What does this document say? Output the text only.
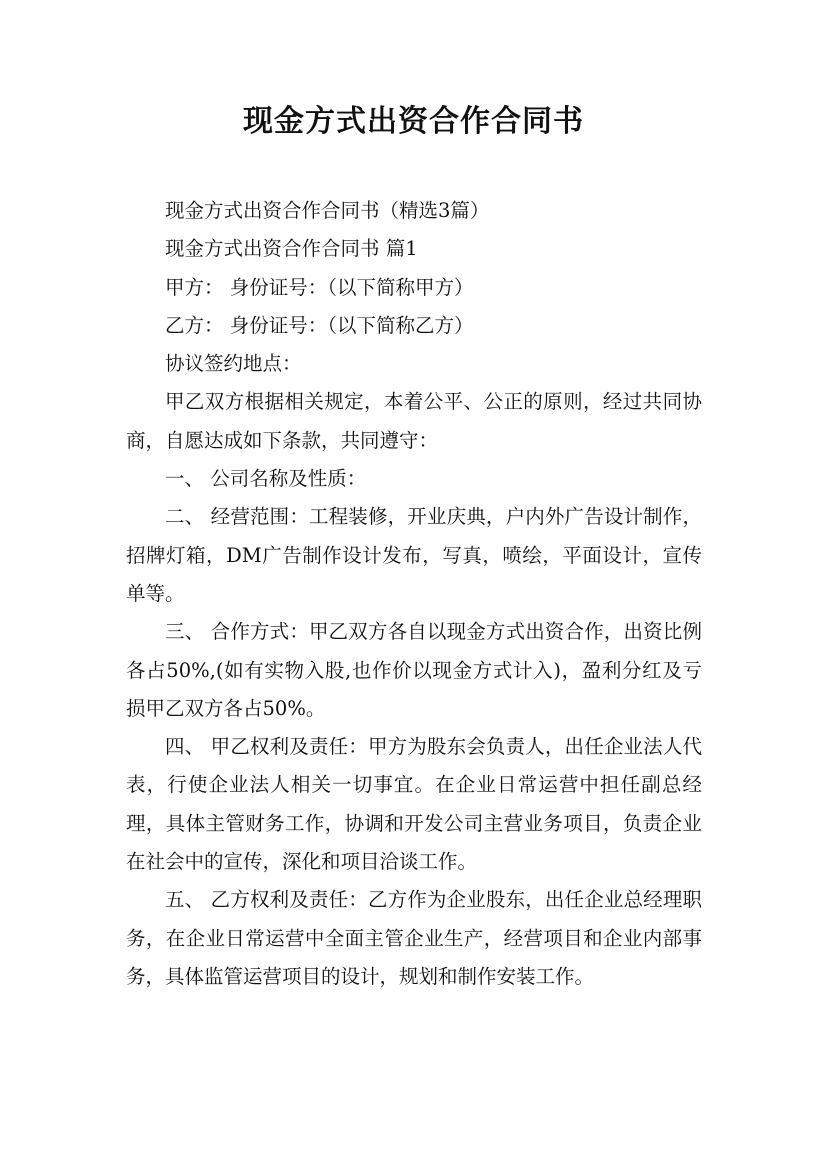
现金方式出资合作合同书

现金方式出资合作合同书（精选3篇）

现金方式出资合作合同书 篇1

甲方： 身份证号：（以下简称甲方）

乙方： 身份证号：（以下简称乙方）

协议签约地点：

甲乙双方根据相关规定，本着公平、公正的原则，经过共同协商，自愿达成如下条款，共同遵守：

一、 公司名称及性质：

二、 经营范围：工程装修，开业庆典，户内外广告设计制作，招牌灯箱，DM广告制作设计发布，写真，喷绘，平面设计，宣传单等。

三、 合作方式：甲乙双方各自以现金方式出资合作，出资比例各占50%,(如有实物入股,也作价以现金方式计入)，盈利分红及亏损甲乙双方各占50%。

四、 甲乙权利及责任：甲方为股东会负责人，出任企业法人代表，行使企业法人相关一切事宜。在企业日常运营中担任副总经理，具体主管财务工作，协调和开发公司主营业务项目，负责企业在社会中的宣传，深化和项目洽谈工作。

五、 乙方权利及责任：乙方作为企业股东，出任企业总经理职务，在企业日常运营中全面主管企业生产，经营项目和企业内部事务，具体监管运营项目的设计，规划和制作安装工作。
